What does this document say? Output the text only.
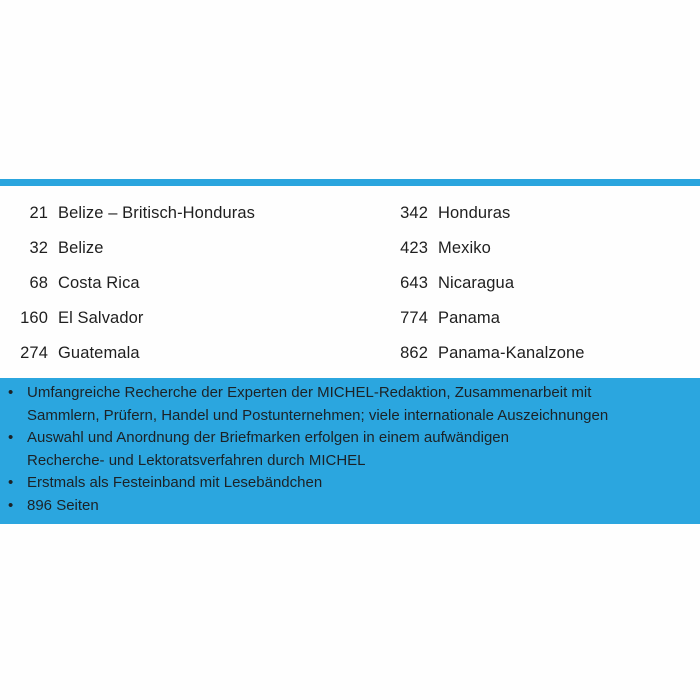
21 Belize – Britisch-Honduras
32 Belize
68 Costa Rica
160 El Salvador
274 Guatemala
342 Honduras
423 Mexiko
643 Nicaragua
774 Panama
862 Panama-Kanalzone
• Umfangreiche Recherche der Experten der MICHEL-Redaktion, Zusammenarbeit mit
Sammlern, Prüfern, Handel und Postunternehmen; viele internationale Auszeichnungen
• Auswahl und Anordnung der Briefmarken erfolgen in einem aufwändigen
Recherche- und Lektoratsverfahren durch MICHEL
• Erstmals als Festeinband mit Lesebändchen
• 896 Seiten
